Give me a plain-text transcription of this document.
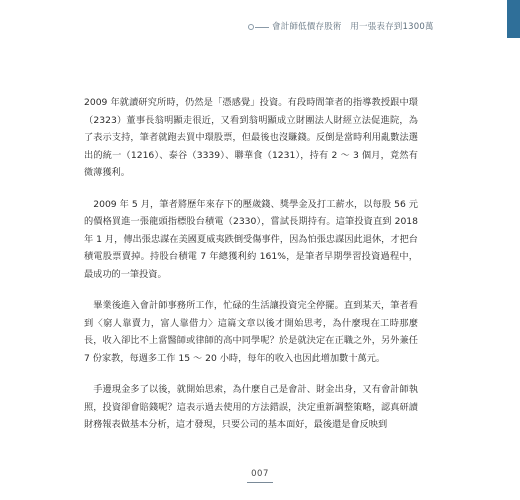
會計師低價存股術　用一張表存到1300萬

2009 年就讀研究所時，仍然是「憑感覺」投資。有段時間筆者的指導教授跟中環（2323）董事長翁明顯走很近，又看到翁明顯成立財團法人財經立法促進院，為了表示支持，筆者就跑去買中環股票，但最後也沒賺錢。反倒是當時利用亂數法選出的統一（1216）、泰谷（3339）、聯華食（1231），持有 2 ～ 3 個月，竟然有微薄獲利。

　2009 年 5 月，筆者將歷年來存下的壓歲錢、獎學金及打工薪水，以每股 56 元的價格買進一張龍頭指標股台積電（2330），嘗試長期持有。這筆投資直到 2018 年 1 月，傳出張忠謀在美國夏威夷跌倒受傷事件，因為怕張忠謀因此退休，才把台積電股票賣掉。持股台積電 7 年總獲利約 161%，是筆者早期學習投資過程中，最成功的一筆投資。

　畢業後進入會計師事務所工作，忙碌的生活讓投資完全停擺。直到某天，筆者看到〈窮人靠賣力，富人靠借力〉這篇文章以後才開始思考，為什麼現在工時那麼長，收入卻比不上當醫師或律師的高中同學呢？於是就決定在正職之外，另外兼任 7 份家教，每週多工作 15 ～ 20 小時，每年的收入也因此增加數十萬元。

　手邊現金多了以後，就開始思索，為什麼自己是會計、財金出身，又有會計師執照，投資卻會賠錢呢？這表示過去使用的方法錯誤，決定重新調整策略，認真研讀財務報表做基本分析，這才發現，只要公司的基本面好，最後還是會反映到

007
